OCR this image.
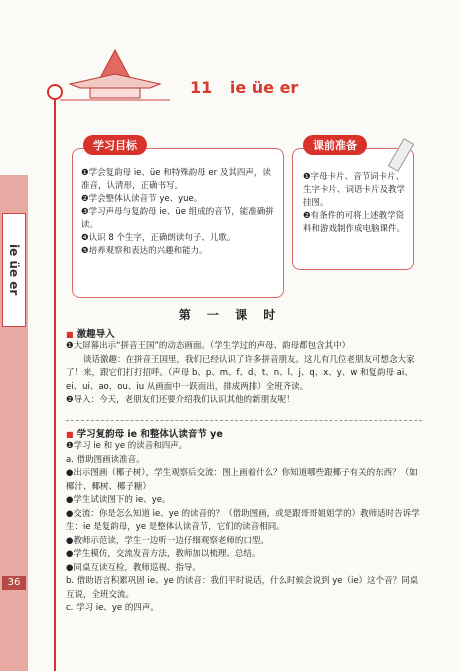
ie üe er
36
11 ie üe er
学习目标
❶学会复韵母 ie、üe 和特殊韵母 er 及其四声，读准音，认清形，正确书写。
❷学会整体认读音节 ye、yue。
❸学习声母与复韵母 ie、üe 组成的音节，能准确拼读。
❹认识 8 个生字，正确朗读句子、儿歌。
❺培养观察和表达的兴趣和能力。
课前准备
❶字母卡片、音节词卡片、生字卡片、词语卡片及教学挂图。
❷有条件的可将上述教学资料和游戏制作成电脑课件。
第 一 课 时
■ 激趣导入

❶大屏幕出示“拼音王国”的动态画面。（学生学过的声母、韵母都包含其中）

谈话激趣：在拼音王国里，我们已经认识了许多拼音朋友。这儿有几位老朋友可想念大家了！来，跟它们打打招呼。（声母 b、p、m、f、d、t、n、l、j、q、x、y、w 和复韵母 ai、ei、ui、ao、ou、iu 从画面中一跃而出，排成两排）全班齐读。

❷导入：今天，老朋友们还要介绍我们认识其他的新朋友呢！

■ 学习复韵母 ie 和整体认读音节 ye

❶学习 ie 和 ye 的读音和四声。

a. 借助图画读准音。

●出示图画（椰子树），学生观察后交流：图上画着什么？你知道哪些跟椰子有关的东西？（如椰汁、椰树、椰子糖）

●学生试读图下的 ie、ye。

●交流：你是怎么知道 ie、ye 的读音的？（借助图画，或是跟哥哥姐姐学的）教师适时告诉学生：ie 是复韵母，ye 是整体认读音节，它们的读音相同。

●教师示范读，学生一边听一边仔细观察老师的口型。

●学生模仿，交流发音方法，教师加以梳理、总结。

●同桌互读互检，教师巡视、指导。

b. 借助语言积累巩固 ie、ye 的读音：我们平时说话，什么时候会说到 ye（ie）这个音？同桌互说，全班交流。

c. 学习 ie、ye 的四声。
